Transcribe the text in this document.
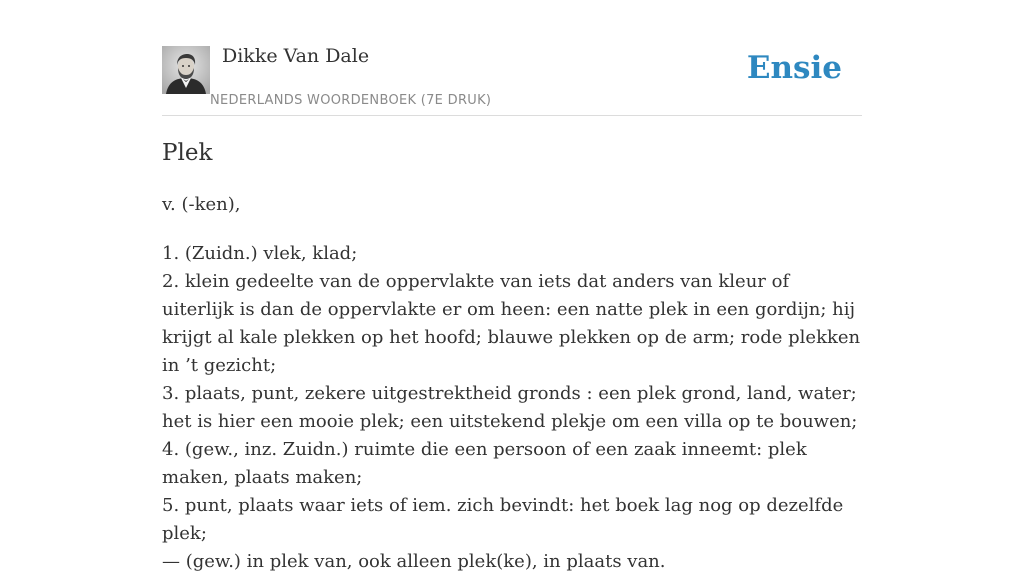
Dikke Van Dale
NEDERLANDS WOORDENBOEK (7E DRUK)
Ensie
Plek
v. (-ken),
1. (Zuidn.) vlek, klad;
2. klein gedeelte van de oppervlakte van iets dat anders van kleur of uiterlijk is dan de oppervlakte er om heen: een natte plek in een gordijn; hij krijgt al kale plekken op het hoofd; blauwe plekken op de arm; rode plekken in ’t gezicht;
3. plaats, punt, zekere uitgestrektheid gronds : een plek grond, land, water; het is hier een mooie plek; een uitstekend plekje om een villa op te bouwen;
4. (gew., inz. Zuidn.) ruimte die een persoon of een zaak inneemt: plek maken, plaats maken;
5. punt, plaats waar iets of iem. zich bevindt: het boek lag nog op dezelfde plek;
— (gew.) in plek van, ook alleen plek(ke), in plaats van.
